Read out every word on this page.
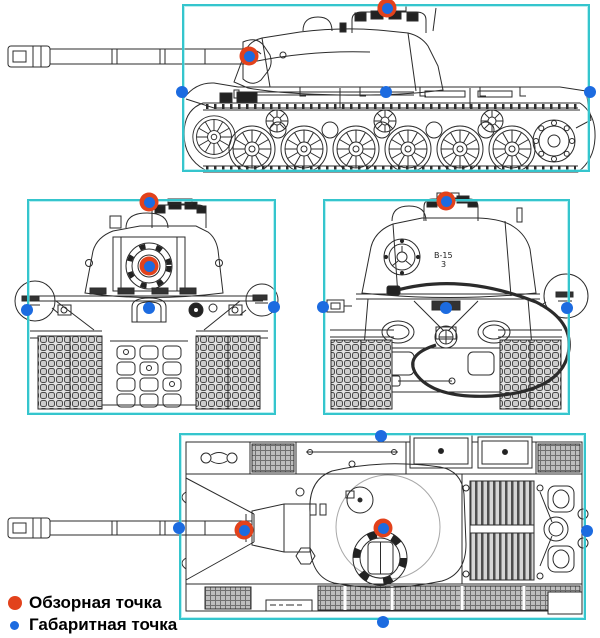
В-15
3
Обзорная точка
Габаритная точка
